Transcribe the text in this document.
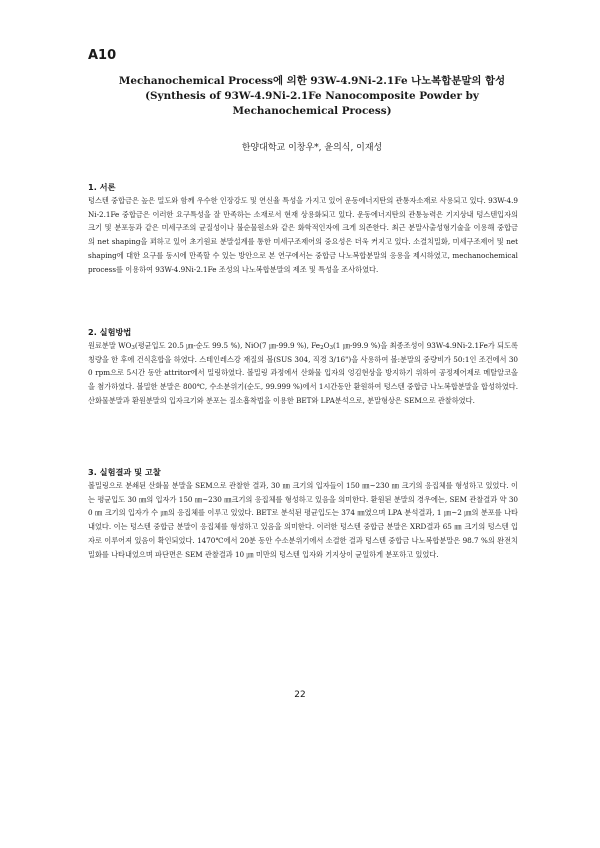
A10
Mechanochemical Process에 의한 93W-4.9Ni-2.1Fe 나노복합분말의 합성
(Synthesis of 93W-4.9Ni-2.1Fe Nanocomposite Powder by
Mechanochemical Process)
한양대학교 이창우*, 윤의식, 이재성

1. 서론

텅스텐 중합금은 높은 밀도와 함께 우수한 인장강도 및 연신율 특성을 가지고 있어 운동에너지탄의 관통자소재로 사용되고 있다. 93W-4.9Ni-2.1Fe 중합금은 이러한 요구특성을 잘 만족하는 소재로서 현재 상용화되고 있다. 운동에너지탄의 관통능력은 기지상내 텅스텐입자의 크기 및 분포등과 같은 미세구조의 균질성이나 불순물원소와 같은 화학적인자에 크게 의존한다. 최근 분말사출성형기술을 이용해 중합금의 net shaping을 꾀하고 있어 초기원료 분말설계를 통한 미세구조제어의 중요성은 더욱 커지고 있다. 소결치밀화, 미세구조제어 및 net shaping에 대한 요구를 동시에 만족할 수 있는 방안으로 본 연구에서는 중합금 나노복합분말의 응용을 제시하였고, mechanochemical process를 이용하여 93W-4.9Ni-2.1Fe 조성의 나노복합분말의 제조 및 특성을 조사하였다.

2. 실험방법

원료분말 $WO_3$(평균입도 20.5 ㎛-순도 99.5 %), NiO(7 ㎛-99.9 %), $Fe_2O_3(1$ ㎛-99.9 %)을 최종조성이 93W-4.9Ni-2.1Fe가 되도록 칭량을 한 후에 건식혼합을 하였다. 스테인레스강 재질의 볼(SUS 304, 직경 3/16")을 사용하여 볼:분말의 중량비가 50:1인 조건에서 300 rpm으로 5시간 동안 attritor에서 밀링하였다. 볼밀링 과정에서 산화물 입자의 엉김현상을 방지하기 위하여 공정제어제로 메탈알코올을 첨가하였다. 볼밀한 분말은 800℃, 수소분위기(순도, 99.999 %)에서 1시간동안 환원하여 텅스텐 중합금 나노복합분말을 합성하였다. 산화물분말과 환원분말의 입자크기와 분포는 질소흡착법을 이용한 BET와 LPA분석으로, 분말형상은 SEM으로 관찰하였다.

3. 실험결과 및 고찰

볼밀링으로 분쇄된 산화물 분말을 SEM으로 관찰한 결과, 30 ㎚ 크기의 입자들이 150 ㎚~230 ㎚ 크기의 응집체를 형성하고 있었다. 이는 평균입도 30 ㎚의 입자가 150 ㎚~230 ㎚크기의 응집체를 형성하고 있음을 의미한다. 환원된 분말의 경우에는, SEM 관찰결과 약 300 ㎚ 크기의 입자가 수 ㎛의 응집체를 이루고 있었다. BET로 분석된 평균입도는 374 ㎚였으며 LPA 분석결과, 1 ㎛~2 ㎛의 분포를 나타내었다. 이는 텅스텐 중합금 분말이 응집체를 형성하고 있음을 의미한다. 이러한 텅스텐 중합금 분말은 XRD결과 65 ㎚ 크기의 텅스텐 입자로 이루어져 있음이 확인되었다. 1470℃에서 20분 동안 수소분위기에서 소결한 결과 텅스텐 중합금 나노복합분말은 98.7 %의 완전치밀화를 나타내었으며 파단면은 SEM 관찰결과 10 ㎛ 미만의 텅스텐 입자와 기지상이 균일하게 분포하고 있었다.

22
